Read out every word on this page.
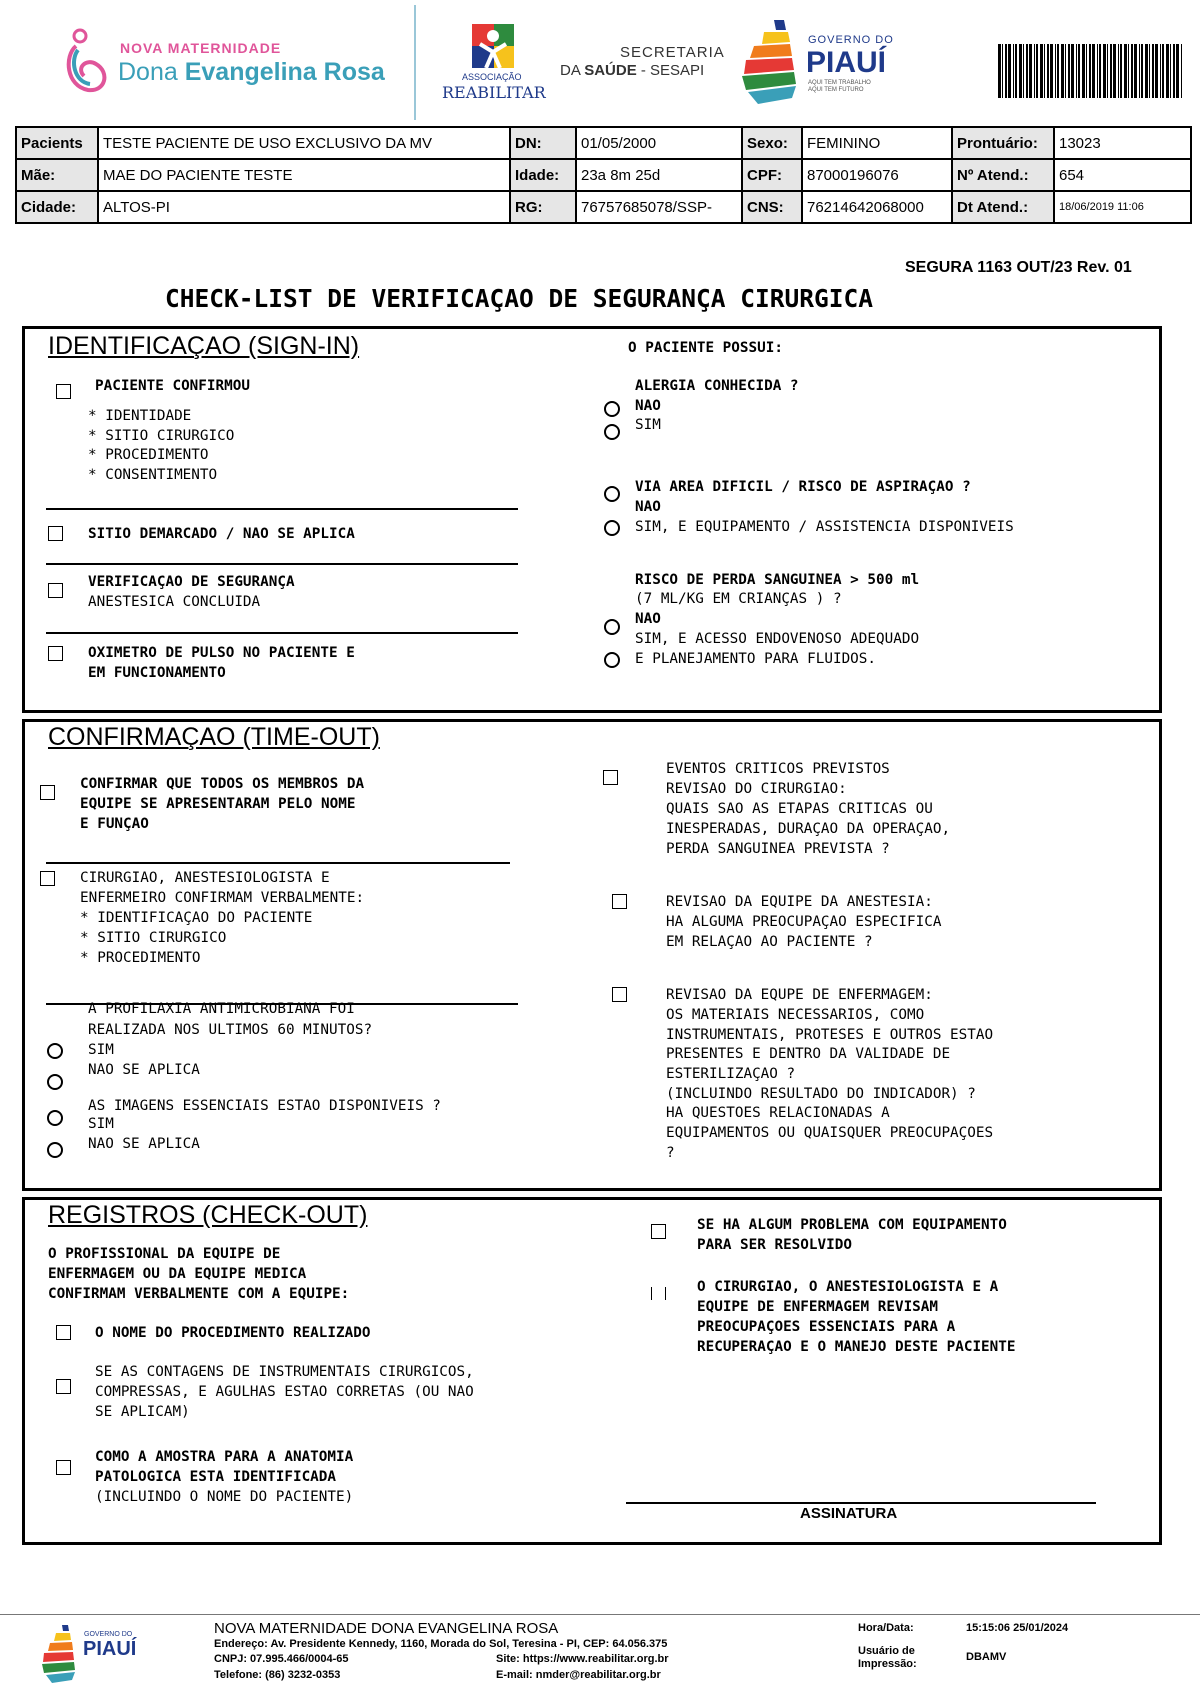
NOVA MATERNIDADE
Dona Evangelina Rosa	ASSOCIAÇÃO
REABILITAR
SECRETARIA
DA SAÚDE - SESAPI
GOVERNO DO
PIAUÍ
AQUI TEM TRABALHO AQUI TEM FUTURO
Pacients	TESTE PACIENTE DE USO EXCLUSIVO DA MV	DN:	01/05/2000	Sexo:	FEMININO	Prontuário:	13023
Mãe:	MAE DO PACIENTE TESTE	Idade:	23a 8m 25d	CPF:	87000196076	Nº Atend.:	654
Cidade:	ALTOS-PI	RG:	76757685078/SSP-	CNS:	76214642068000	Dt Atend.:	18/06/2019 11:06
SEGURA 1163 OUT/23 Rev. 01
CHECK-LIST DE VERIFICAÇAO DE SEGURANÇA CIRURGICA
IDENTIFICAÇAO (SIGN-IN)	O PACIENTE POSSUI:
PACIENTE CONFIRMOU
* IDENTIDADE
* SITIO CIRURGICO
* PROCEDIMENTO
* CONSENTIMENTO
SITIO DEMARCADO / NAO SE APLICA
VERIFICAÇAO DE SEGURANÇA
ANESTESICA CONCLUIDA
OXIMETRO DE PULSO NO PACIENTE E
EM FUNCIONAMENTO
ALERGIA CONHECIDA ?
NAO
SIM
VIA AREA DIFICIL / RISCO DE ASPIRAÇAO ?
NAO
SIM, E EQUIPAMENTO / ASSISTENCIA DISPONIVEIS
RISCO DE PERDA SANGUINEA > 500 ml
(7 ML/KG EM CRIANÇAS ) ?
NAO
SIM, E ACESSO ENDOVENOSO ADEQUADO
E PLANEJAMENTO PARA FLUIDOS.
CONFIRMAÇAO (TIME-OUT)
CONFIRMAR QUE TODOS OS MEMBROS DA
EQUIPE SE APRESENTARAM PELO NOME
E FUNÇAO
CIRURGIAO, ANESTESIOLOGISTA E
ENFERMEIRO CONFIRMAM VERBALMENTE:
* IDENTIFICAÇAO DO PACIENTE
* SITIO CIRURGICO
* PROCEDIMENTO
A PROFILAXIA ANTIMICROBIANA FOI
REALIZADA NOS ULTIMOS 60 MINUTOS?
SIM
NAO SE APLICA
AS IMAGENS ESSENCIAIS ESTAO DISPONIVEIS ?
SIM
NAO SE APLICA
EVENTOS CRITICOS PREVISTOS
REVISAO DO CIRURGIAO:
QUAIS SAO AS ETAPAS CRITICAS OU
INESPERADAS, DURAÇAO DA OPERAÇAO,
PERDA SANGUINEA PREVISTA ?
REVISAO DA EQUIPE DA ANESTESIA:
HA ALGUMA PREOCUPAÇAO ESPECIFICA
EM RELAÇAO AO PACIENTE ?
REVISAO DA EQUPE DE ENFERMAGEM:
OS MATERIAIS NECESSARIOS, COMO
INSTRUMENTAIS, PROTESES E OUTROS ESTAO
PRESENTES E DENTRO DA VALIDADE DE
ESTERILIZAÇAO ?
(INCLUINDO RESULTADO DO INDICADOR) ?
HA QUESTOES RELACIONADAS A
EQUIPAMENTOS OU QUAISQUER PREOCUPAÇOES
?
REGISTROS (CHECK-OUT)
O PROFISSIONAL DA EQUIPE DE
ENFERMAGEM OU DA EQUIPE MEDICA
CONFIRMAM VERBALMENTE COM A EQUIPE:
O NOME DO PROCEDIMENTO REALIZADO
SE AS CONTAGENS DE INSTRUMENTAIS CIRURGICOS,
COMPRESSAS, E AGULHAS ESTAO CORRETAS (OU NAO
SE APLICAM)
COMO A AMOSTRA PARA A ANATOMIA
PATOLOGICA ESTA IDENTIFICADA
(INCLUINDO O NOME DO PACIENTE)
SE HA ALGUM PROBLEMA COM EQUIPAMENTO
PARA SER RESOLVIDO
O CIRURGIAO, O ANESTESIOLOGISTA E A
EQUIPE DE ENFERMAGEM REVISAM
PREOCUPAÇOES ESSENCIAIS PARA A
RECUPERAÇAO E O MANEJO DESTE PACIENTE
ASSINATURA
GOVERNO DO
PIAUÍ
NOVA MATERNIDADE DONA EVANGELINA ROSA
Endereço: Av. Presidente Kennedy, 1160, Morada do Sol, Teresina - PI, CEP: 64.056.375
CNPJ: 07.995.466/0004-65	Site: https://www.reabilitar.org.br
Telefone: (86) 3232-0353	E-mail: nmder@reabilitar.org.br
Hora/Data:	15:15:06 25/01/2024
Usuário de
Impressão:
DBAMV
